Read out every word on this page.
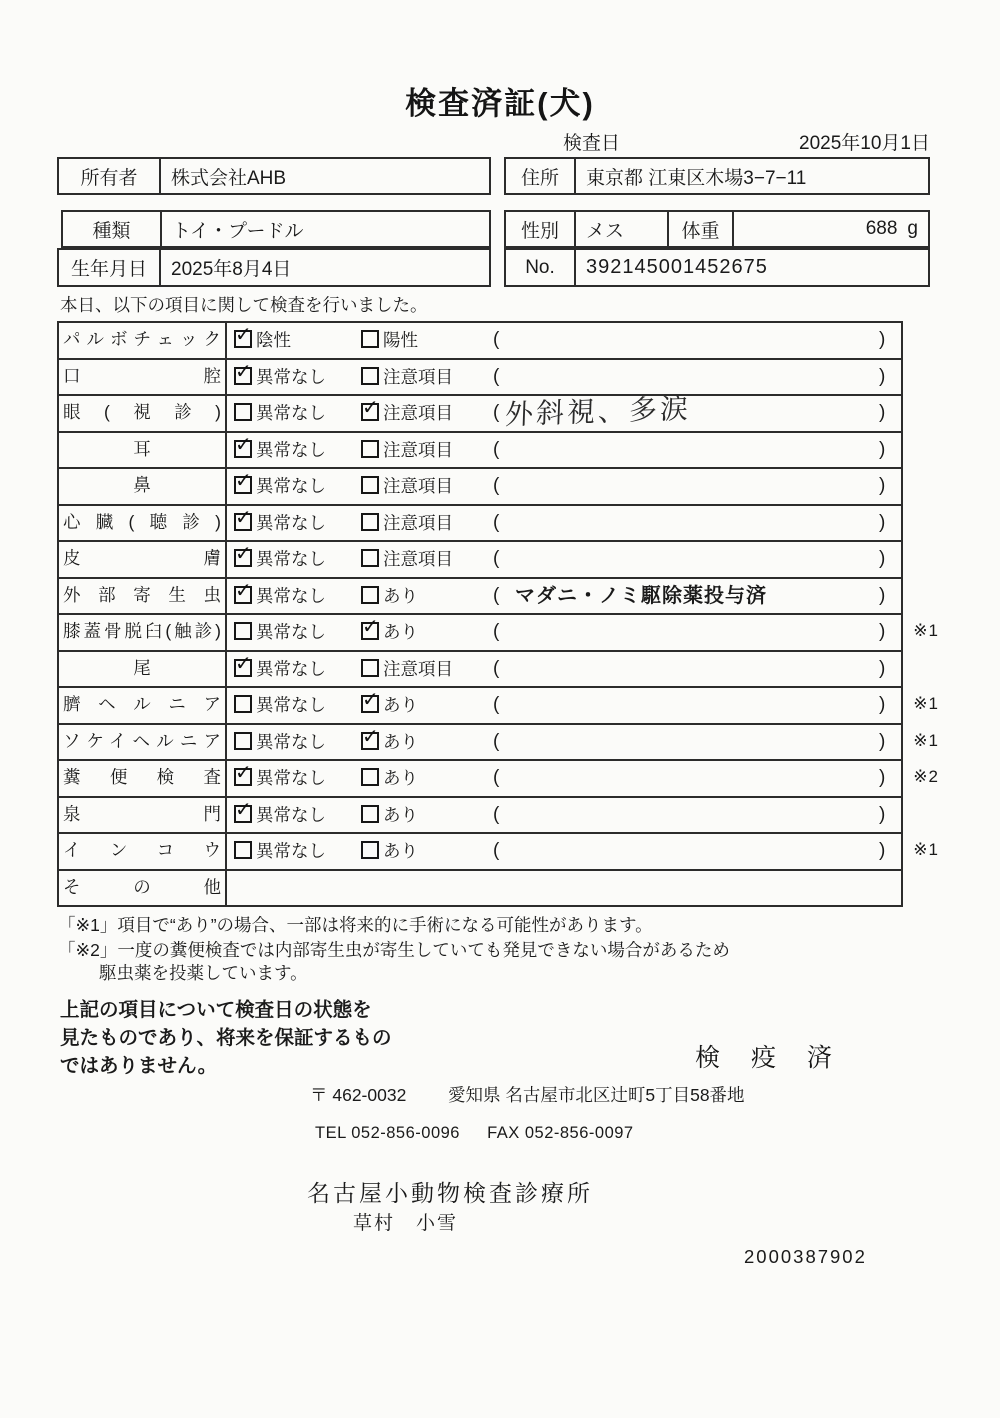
検査済証(犬)
検査日	2025年10月1日
所有者	株式会社AHB	住所	東京都 江東区木場3−7−11
種類	トイ・プードル	性別	メス	体重	688 g
生年月日	2025年8月4日	No.	392145001452675
本日、以下の項目に関して検査を行いました。
パルボチェック ✓ 陰性	陽性	(	)
口腔 ✓ 異常なし	注意項目 (	)
眼(視診)	異常なし ✓ 注意項目 ( 外斜視、多涙	)
耳	✓ 異常なし	注意項目 (	)
鼻	✓ 異常なし	注意項目 (	)
心臓(聴診) ✓ 異常なし	注意項目 (	)
皮膚 ✓ 異常なし	注意項目 (	)
外部寄生虫 ✓ 異常なし	あり	( マダニ・ノミ駆除薬投与済	)
膝蓋骨脱臼(触診)	異常なし ✓ あり	(	) ※1
尾	✓ 異常なし	注意項目 (	)
臍ヘルニア	異常なし ✓ あり	(	) ※1
ソケイヘルニア	異常なし ✓ あり	(	) ※1
糞便検査 ✓ 異常なし	あり	(	) ※2
泉門 ✓ 異常なし	あり	(	)
インコウ	異常なし	あり	(	) ※1
その他
「※1」項目で“あり”の場合、一部は将来的に手術になる可能性があります。
「※2」一度の糞便検査では内部寄生虫が寄生していても発見できない場合があるため
駆虫薬を投薬しています。
上記の項目について検査日の状態を
見たものであり、将来を保証するもの
ではありません。	検 疫 済
〒 462-0032 愛知県 名古屋市北区辻町5丁目58番地
TEL 052-856-0096 FAX 052-856-0097
名古屋小動物検査診療所
草村　小雪
2000387902
